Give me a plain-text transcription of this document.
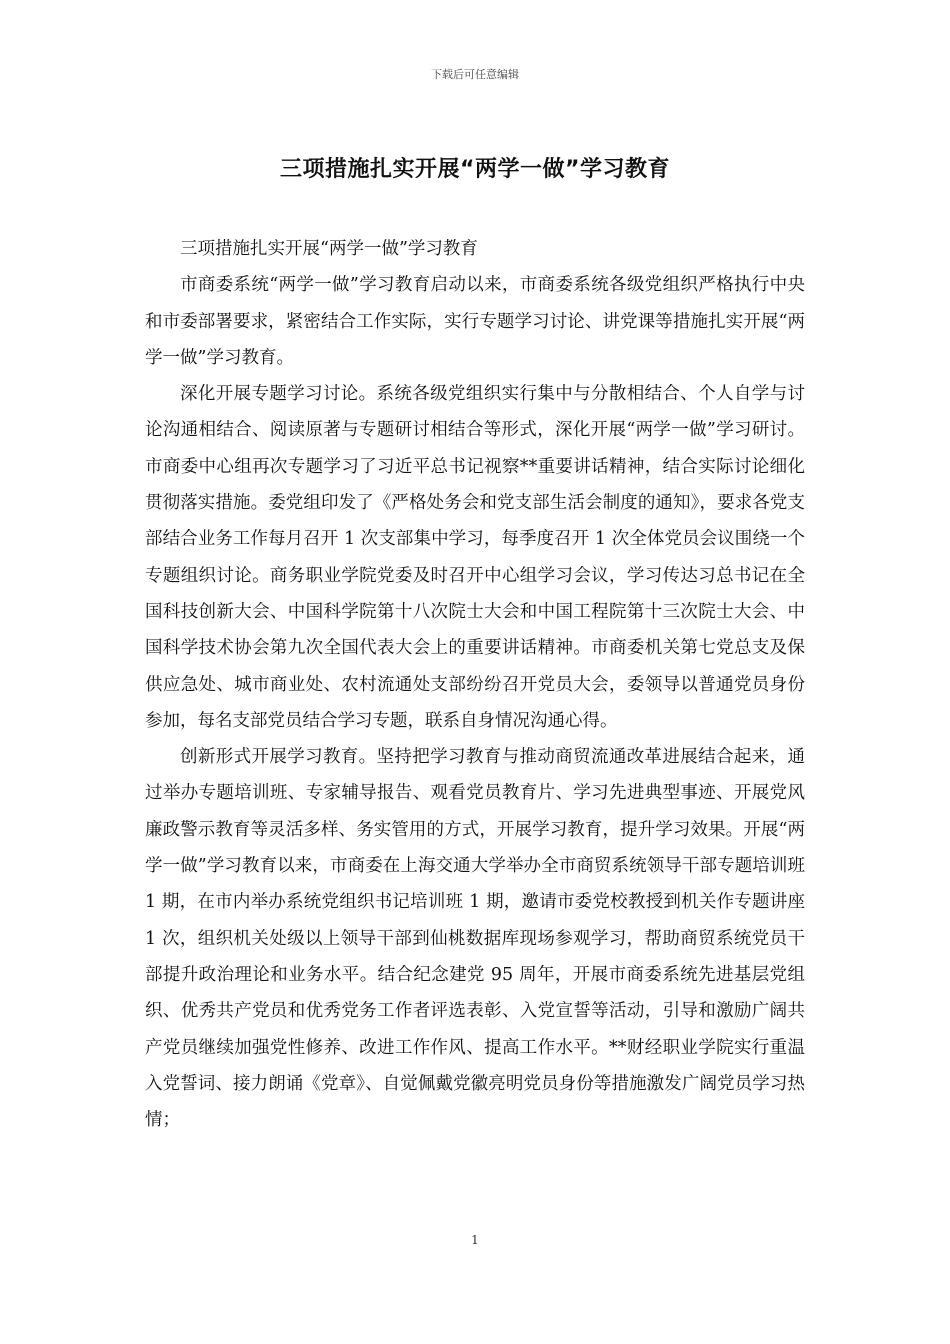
下载后可任意编辑
三项措施扎实开展“两学一做”学习教育

三项措施扎实开展“两学一做”学习教育

市商委系统“两学一做”学习教育启动以来，市商委系统各级党组织严格执行中央和市委部署要求，紧密结合工作实际，实行专题学习讨论、讲党课等措施扎实开展“两学一做”学习教育。

深化开展专题学习讨论。系统各级党组织实行集中与分散相结合、个人自学与讨论沟通相结合、阅读原著与专题研讨相结合等形式，深化开展“两学一做”学习研讨。市商委中心组再次专题学习了习近平总书记视察**重要讲话精神，结合实际讨论细化贯彻落实措施。委党组印发了《严格处务会和党支部生活会制度的通知》，要求各党支部结合业务工作每月召开 1 次支部集中学习，每季度召开 1 次全体党员会议围绕一个专题组织讨论。商务职业学院党委及时召开中心组学习会议，学习传达习总书记在全国科技创新大会、中国科学院第十八次院士大会和中国工程院第十三次院士大会、中国科学技术协会第九次全国代表大会上的重要讲话精神。市商委机关第七党总支及保供应急处、城市商业处、农村流通处支部纷纷召开党员大会，委领导以普通党员身份参加，每名支部党员结合学习专题，联系自身情况沟通心得。

创新形式开展学习教育。坚持把学习教育与推动商贸流通改革进展结合起来，通过举办专题培训班、专家辅导报告、观看党员教育片、学习先进典型事迹、开展党风廉政警示教育等灵活多样、务实管用的方式，开展学习教育，提升学习效果。开展“两学一做”学习教育以来，市商委在上海交通大学举办全市商贸系统领导干部专题培训班 1 期，在市内举办系统党组织书记培训班 1 期，邀请市委党校教授到机关作专题讲座 1 次，组织机关处级以上领导干部到仙桃数据库现场参观学习，帮助商贸系统党员干部提升政治理论和业务水平。结合纪念建党 95 周年，开展市商委系统先进基层党组织、优秀共产党员和优秀党务工作者评选表彰、入党宣誓等活动，引导和激励广阔共产党员继续加强党性修养、改进工作作风、提高工作水平。**财经职业学院实行重温入党誓词、接力朗诵《党章》、自觉佩戴党徽亮明党员身份等措施激发广阔党员学习热情；

1
